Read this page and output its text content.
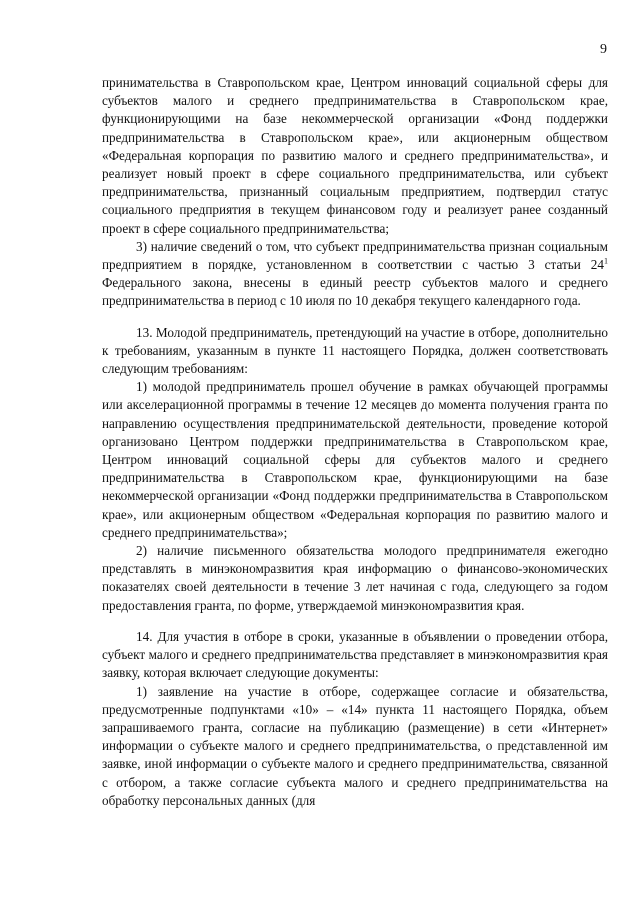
9

принимательства в Ставропольском крае, Центром инноваций социальной сферы для субъектов малого и среднего предпринимательства в Ставропольском крае, функционирующими на базе некоммерческой организации «Фонд поддержки предпринимательства в Ставропольском крае», или акционерным обществом «Федеральная корпорация по развитию малого и среднего предпринимательства», и реализует новый проект в сфере социального предпринимательства, или субъект предпринимательства, признанный социальным предприятием, подтвердил статус социального предприятия в текущем финансовом году и реализует ранее созданный проект в сфере социального предпринимательства;

3) наличие сведений о том, что субъект предпринимательства признан социальным предприятием в порядке, установленном в соответствии с частью 3 статьи $24^1$ Федерального закона, внесены в единый реестр субъектов малого и среднего предпринимательства в период с 10 июля по 10 декабря текущего календарного года.

13. Молодой предприниматель, претендующий на участие в отборе, дополнительно к требованиям, указанным в пункте 11 настоящего Порядка, должен соответствовать следующим требованиям:

1) молодой предприниматель прошел обучение в рамках обучающей программы или акселерационной программы в течение 12 месяцев до момента получения гранта по направлению осуществления предпринимательской деятельности, проведение которой организовано Центром поддержки предпринимательства в Ставропольском крае, Центром инноваций социальной сферы для субъектов малого и среднего предпринимательства в Ставропольском крае, функционирующими на базе некоммерческой организации «Фонд поддержки предпринимательства в Ставропольском крае», или акционерным обществом «Федеральная корпорация по развитию малого и среднего предпринимательства»;

2) наличие письменного обязательства молодого предпринимателя ежегодно представлять в минэкономразвития края информацию о финансово-экономических показателях своей деятельности в течение 3 лет начиная с года, следующего за годом предоставления гранта, по форме, утверждаемой минэкономразвития края.

14. Для участия в отборе в сроки, указанные в объявлении о проведении отбора, субъект малого и среднего предпринимательства представляет в минэкономразвития края заявку, которая включает следующие документы:

1) заявление на участие в отборе, содержащее согласие и обязательства, предусмотренные подпунктами «10» – «14» пункта 11 настоящего Порядка, объем запрашиваемого гранта, согласие на публикацию (размещение) в сети «Интернет» информации о субъекте малого и среднего предпринимательства, о представленной им заявке, иной информации о субъекте малого и среднего предпринимательства, связанной с отбором, а также согласие субъекта малого и среднего предпринимательства на обработку персональных данных (для
